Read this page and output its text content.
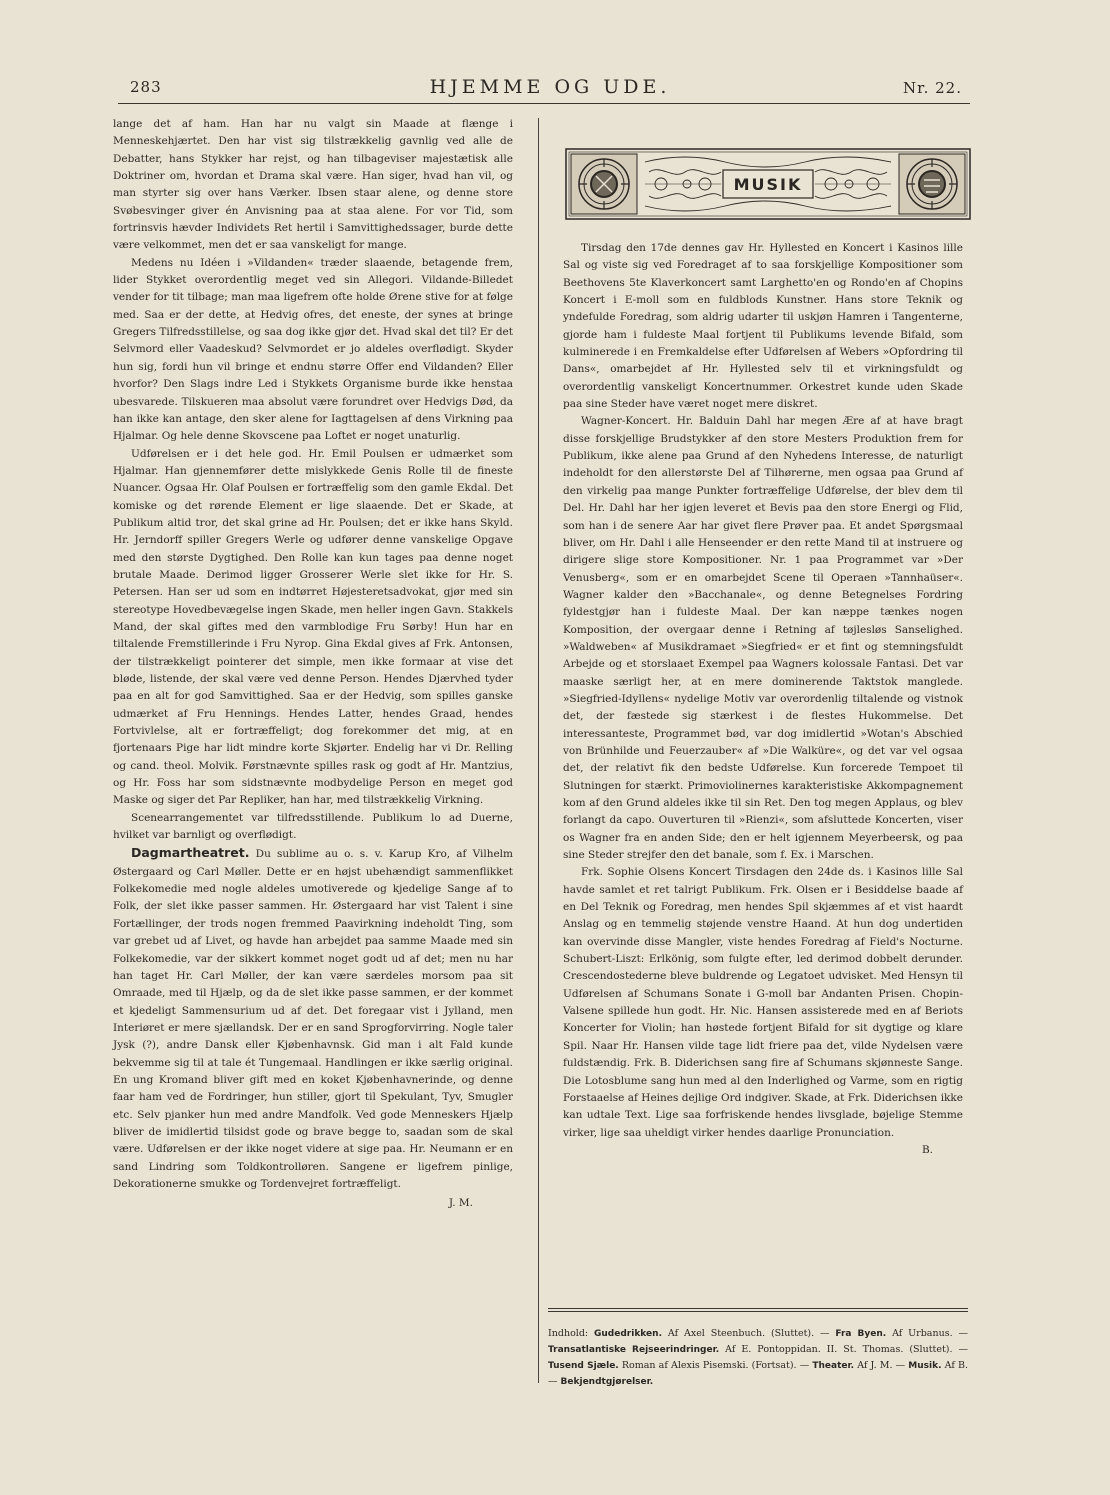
283	HJEMME OG UDE.	Nr. 22.

lange det af ham. Han har nu valgt sin Maade at flænge i Menneskehjærtet. Den har vist sig tilstrækkelig gavnlig ved alle de Debatter, hans Stykker har rejst, og han tilbageviser majestætisk alle Doktriner om, hvordan et Drama skal være. Han siger, hvad han vil, og man styrter sig over hans Værker. Ibsen staar alene, og denne store Svøbesvinger giver én Anvisning paa at staa alene. For vor Tid, som fortrinsvis hævder Individets Ret hertil i Samvittighedssager, burde dette være velkommet, men det er saa vanskeligt for mange.

Medens nu Idéen i »Vildanden« træder slaaende, betagende frem, lider Stykket overordentlig meget ved sin Allegori. Vildande-Billedet vender for tit tilbage; man maa ligefrem ofte holde Ørene stive for at følge med. Saa er der dette, at Hedvig ofres, det eneste, der synes at bringe Gregers Tilfredsstillelse, og saa dog ikke gjør det. Hvad skal det til? Er det Selvmord eller Vaadeskud? Selvmordet er jo aldeles overflødigt. Skyder hun sig, fordi hun vil bringe et endnu større Offer end Vildanden? Eller hvorfor? Den Slags indre Led i Stykkets Organisme burde ikke henstaa ubesvarede. Tilskueren maa absolut være forundret over Hedvigs Død, da han ikke kan antage, den sker alene for Iagttagelsen af dens Virkning paa Hjalmar. Og hele denne Skovscene paa Loftet er noget unaturlig.

Udførelsen er i det hele god. Hr. Emil Poulsen er udmærket som Hjalmar. Han gjennemfører dette mislykkede Genis Rolle til de fineste Nuancer. Ogsaa Hr. Olaf Poulsen er fortræffelig som den gamle Ekdal. Det komiske og det rørende Element er lige slaaende. Det er Skade, at Publikum altid tror, det skal grine ad Hr. Poulsen; det er ikke hans Skyld. Hr. Jerndorff spiller Gregers Werle og udfører denne vanskelige Opgave med den største Dygtighed. Den Rolle kan kun tages paa denne noget brutale Maade. Derimod ligger Grosserer Werle slet ikke for Hr. S. Petersen. Han ser ud som en indtørret Højesteretsadvokat, gjør med sin stereotype Hovedbevægelse ingen Skade, men heller ingen Gavn. Stakkels Mand, der skal giftes med den varmblodige Fru Sørby! Hun har en tiltalende Fremstillerinde i Fru Nyrop. Gina Ekdal gives af Frk. Antonsen, der tilstrækkeligt pointerer det simple, men ikke formaar at vise det bløde, listende, der skal være ved denne Person. Hendes Djærvhed tyder paa en alt for god Samvittighed. Saa er der Hedvig, som spilles ganske udmærket af Fru Hennings. Hendes Latter, hendes Graad, hendes Fortvivlelse, alt er fortræffeligt; dog forekommer det mig, at en fjortenaars Pige har lidt mindre korte Skjørter. Endelig har vi Dr. Relling og cand. theol. Molvik. Førstnævnte spilles rask og godt af Hr. Mantzius, og Hr. Foss har som sidstnævnte modbydelige Person en meget god Maske og siger det Par Repliker, han har, med tilstrækkelig Virkning.

Scenearrangementet var tilfredsstillende. Publikum lo ad Duerne, hvilket var barnligt og overflødigt.

Dagmartheatret. Du sublime au o. s. v. Karup Kro, af Vilhelm Østergaard og Carl Møller. Dette er en højst ubehændigt sammenflikket Folkekomedie med nogle aldeles umotiverede og kjedelige Sange af to Folk, der slet ikke passer sammen. Hr. Østergaard har vist Talent i sine Fortællinger, der trods nogen fremmed Paavirkning indeholdt Ting, som var grebet ud af Livet, og havde han arbejdet paa samme Maade med sin Folkekomedie, var der sikkert kommet noget godt ud af det; men nu har han taget Hr. Carl Møller, der kan være særdeles morsom paa sit Omraade, med til Hjælp, og da de slet ikke passe sammen, er der kommet et kjedeligt Sammensurium ud af det. Det foregaar vist i Jylland, men Interiøret er mere sjællandsk. Der er en sand Sprogforvirring. Nogle taler Jysk (?), andre Dansk eller Kjøbenhavnsk. Gid man i alt Fald kunde bekvemme sig til at tale ét Tungemaal. Handlingen er ikke særlig original. En ung Kromand bliver gift med en koket Kjøbenhavnerinde, og denne faar ham ved de Fordringer, hun stiller, gjort til Spekulant, Tyv, Smugler etc. Selv pjanker hun med andre Mandfolk. Ved gode Menneskers Hjælp bliver de imidlertid tilsidst gode og brave begge to, saadan som de skal være. Udførelsen er der ikke noget videre at sige paa. Hr. Neumann er en sand Lindring som Toldkontrolløren. Sangene er ligefrem pinlige, Dekorationerne smukke og Tordenvejret fortræffeligt.

J. M.
MUSIK

Tirsdag den 17de dennes gav Hr. Hyllested en Koncert i Kasinos lille Sal og viste sig ved Foredraget af to saa forskjellige Kompositioner som Beethovens 5te Klaverkoncert samt Larghetto'en og Rondo'en af Chopins Koncert i E-moll som en fuldblods Kunstner. Hans store Teknik og yndefulde Foredrag, som aldrig udarter til uskjøn Hamren i Tangenterne, gjorde ham i fuldeste Maal fortjent til Publikums levende Bifald, som kulminerede i en Fremkaldelse efter Udførelsen af Webers »Opfordring til Dans«, omarbejdet af Hr. Hyllested selv til et virkningsfuldt og overordentlig vanskeligt Koncertnummer. Orkestret kunde uden Skade paa sine Steder have været noget mere diskret.

Wagner-Koncert. Hr. Balduin Dahl har megen Ære af at have bragt disse forskjellige Brudstykker af den store Mesters Produktion frem for Publikum, ikke alene paa Grund af den Nyhedens Interesse, de naturligt indeholdt for den allerstørste Del af Tilhørerne, men ogsaa paa Grund af den virkelig paa mange Punkter fortræffelige Udførelse, der blev dem til Del. Hr. Dahl har her igjen leveret et Bevis paa den store Energi og Flid, som han i de senere Aar har givet flere Prøver paa. Et andet Spørgsmaal bliver, om Hr. Dahl i alle Henseender er den rette Mand til at instruere og dirigere slige store Kompositioner. Nr. 1 paa Programmet var »Der Venusberg«, som er en omarbejdet Scene til Operaen »Tannhaüser«. Wagner kalder den »Bacchanale«, og denne Betegnelses Fordring fyldestgjør han i fuldeste Maal. Der kan næppe tænkes nogen Komposition, der overgaar denne i Retning af tøjlesløs Sanselighed. »Waldweben« af Musikdramaet »Siegfried« er et fint og stemningsfuldt Arbejde og et storslaaet Exempel paa Wagners kolossale Fantasi. Det var maaske særligt her, at en mere dominerende Taktstok manglede. »Siegfried-Idyllens« nydelige Motiv var overordenlig tiltalende og vistnok det, der fæstede sig stærkest i de flestes Hukommelse. Det interessanteste, Programmet bød, var dog imidlertid »Wotan's Abschied von Brünhilde und Feuerzauber« af »Die Walküre«, og det var vel ogsaa det, der relativt fik den bedste Udførelse. Kun forcerede Tempoet til Slutningen for stærkt. Primoviolinernes karakteristiske Akkompagnement kom af den Grund aldeles ikke til sin Ret. Den tog megen Applaus, og blev forlangt da capo. Ouverturen til »Rienzi«, som afsluttede Koncerten, viser os Wagner fra en anden Side; den er helt igjennem Meyerbeersk, og paa sine Steder strejfer den det banale, som f. Ex. i Marschen.

Frk. Sophie Olsens Koncert Tirsdagen den 24de ds. i Kasinos lille Sal havde samlet et ret talrigt Publikum. Frk. Olsen er i Besiddelse baade af en Del Teknik og Foredrag, men hendes Spil skjæmmes af et vist haardt Anslag og en temmelig støjende venstre Haand. At hun dog undertiden kan overvinde disse Mangler, viste hendes Foredrag af Field's Nocturne. Schubert-Liszt: Erlkönig, som fulgte efter, led derimod dobbelt derunder. Crescendostederne bleve buldrende og Legatoet udvisket. Med Hensyn til Udførelsen af Schumans Sonate i G-moll bar Andanten Prisen. Chopin-Valsene spillede hun godt. Hr. Nic. Hansen assisterede med en af Beriots Koncerter for Violin; han høstede fortjent Bifald for sit dygtige og klare Spil. Naar Hr. Hansen vilde tage lidt friere paa det, vilde Nydelsen være fuldstændig. Frk. B. Diderichsen sang fire af Schumans skjønneste Sange. Die Lotosblume sang hun med al den Inderlighed og Varme, som en rigtig Forstaaelse af Heines dejlige Ord indgiver. Skade, at Frk. Diderichsen ikke kan udtale Text. Lige saa forfriskende hendes livsglade, bøjelige Stemme virker, lige saa uheldigt virker hendes daarlige Pronunciation.

B.
Indhold: Gudedrikken. Af Axel Steenbuch. (Sluttet). — Fra Byen. Af Urbanus. — Transatlantiske Rejseerindringer. Af E. Pontoppidan. II. St. Thomas. (Sluttet). — Tusend Sjæle. Roman af Alexis Pisemski. (Fortsat). — Theater. Af J. M. — Musik. Af B. — Bekjendtgjørelser.
